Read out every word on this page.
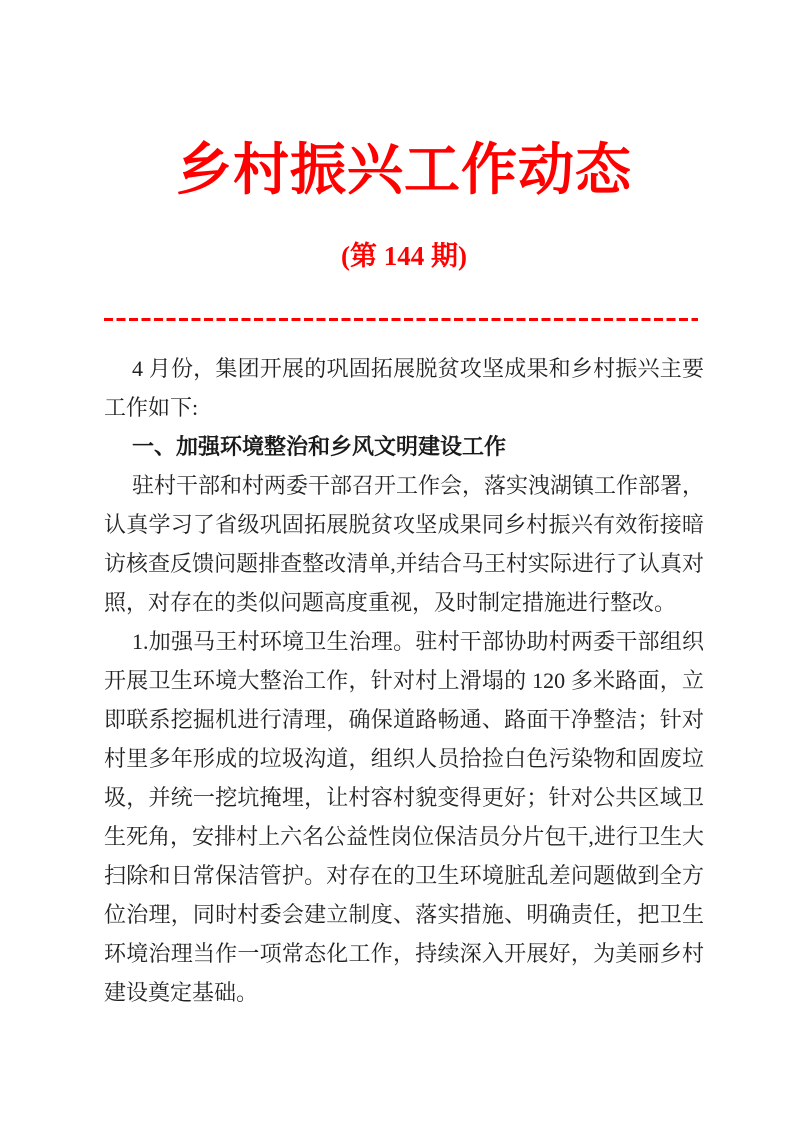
乡村振兴工作动态
(第 144 期)

4 月份，集团开展的巩固拓展脱贫攻坚成果和乡村振兴主要工作如下:

一、加强环境整治和乡风文明建设工作

驻村干部和村两委干部召开工作会，落实洩湖镇工作部署，认真学习了省级巩固拓展脱贫攻坚成果同乡村振兴有效衔接暗访核查反馈问题排查整改清单,并结合马王村实际进行了认真对照，对存在的类似问题高度重视，及时制定措施进行整改。

1.加强马王村环境卫生治理。驻村干部协助村两委干部组织开展卫生环境大整治工作，针对村上滑塌的 120 多米路面，立即联系挖掘机进行清理，确保道路畅通、路面干净整洁；针对村里多年形成的垃圾沟道，组织人员拾捡白色污染物和固废垃圾，并统一挖坑掩埋，让村容村貌变得更好；针对公共区域卫生死角，安排村上六名公益性岗位保洁员分片包干,进行卫生大扫除和日常保洁管护。对存在的卫生环境脏乱差问题做到全方位治理，同时村委会建立制度、落实措施、明确责任，把卫生环境治理当作一项常态化工作，持续深入开展好，为美丽乡村建设奠定基础。
